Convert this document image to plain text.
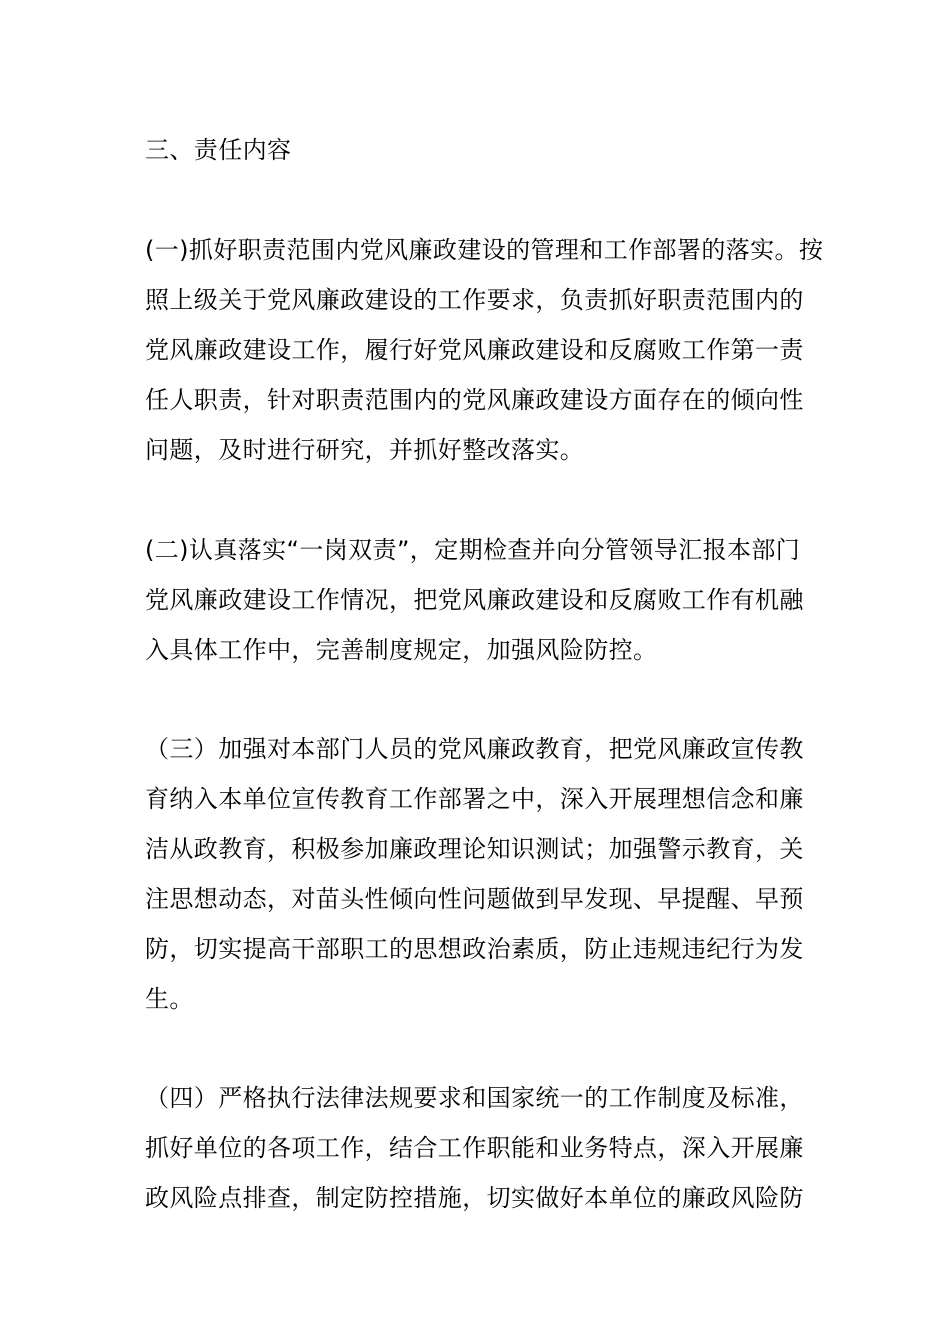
三、责任内容
(一)抓好职责范围内党风廉政建设的管理和工作部署的落实。按
照上级关于党风廉政建设的工作要求，负责抓好职责范围内的
党风廉政建设工作，履行好党风廉政建设和反腐败工作第一责
任人职责，针对职责范围内的党风廉政建设方面存在的倾向性
问题，及时进行研究，并抓好整改落实。
(二)认真落实“一岗双责”，定期检查并向分管领导汇报本部门
党风廉政建设工作情况，把党风廉政建设和反腐败工作有机融
入具体工作中，完善制度规定，加强风险防控。
（三）加强对本部门人员的党风廉政教育，把党风廉政宣传教
育纳入本单位宣传教育工作部署之中，深入开展理想信念和廉
洁从政教育，积极参加廉政理论知识测试；加强警示教育，关
注思想动态，对苗头性倾向性问题做到早发现、早提醒、早预
防，切实提高干部职工的思想政治素质，防止违规违纪行为发
生。
（四）严格执行法律法规要求和国家统一的工作制度及标准，
抓好单位的各项工作，结合工作职能和业务特点，深入开展廉
政风险点排查，制定防控措施，切实做好本单位的廉政风险防
